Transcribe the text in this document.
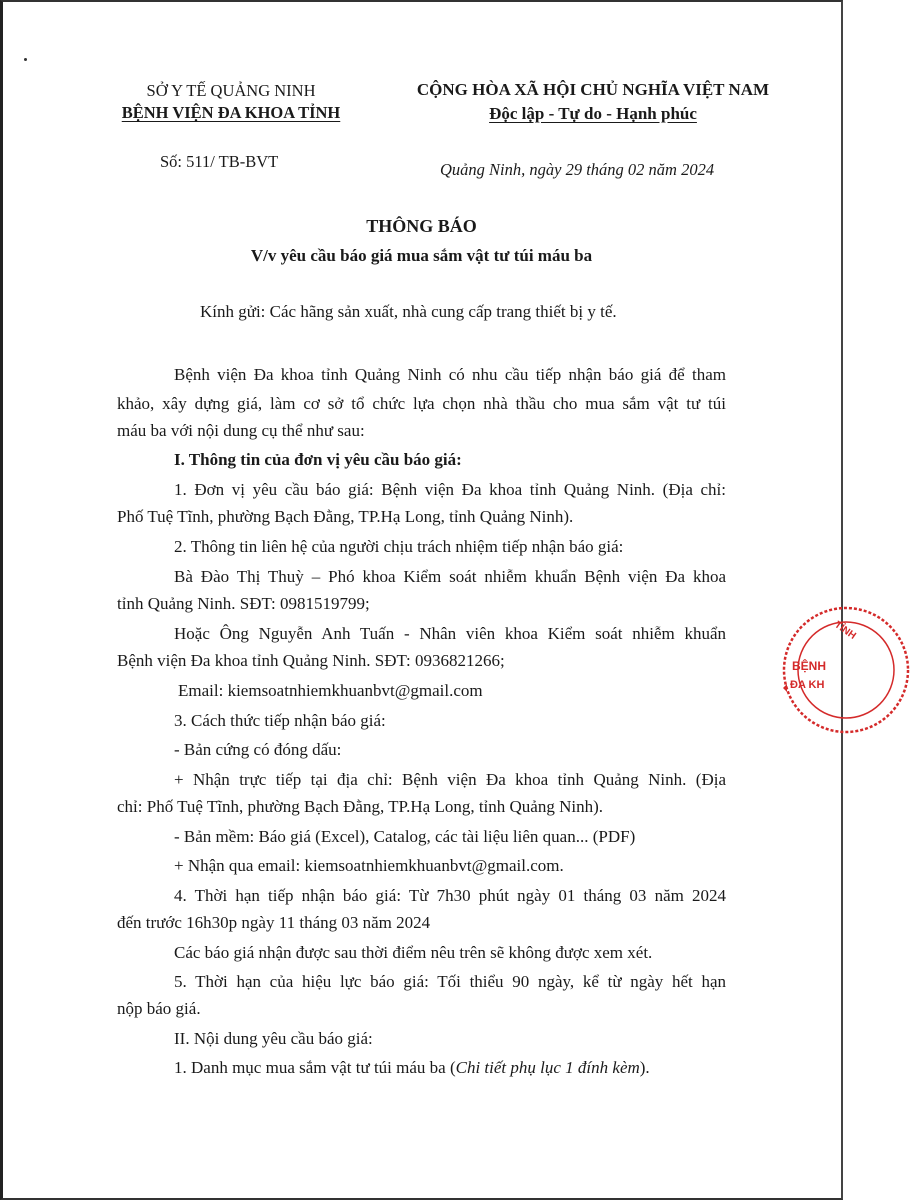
SỞ Y TẾ QUẢNG NINH
BỆNH VIỆN ĐA KHOA TỈNH
CỘNG HÒA XÃ HỘI CHỦ NGHĨA VIỆT NAM
Độc lập - Tự do - Hạnh phúc
Số: 511/ TB-BVT	Quảng Ninh, ngày 29 tháng 02 năm 2024
THÔNG BÁO
V/v yêu cầu báo giá mua sắm vật tư túi máu ba
Kính gửi: Các hãng sản xuất, nhà cung cấp trang thiết bị y tế.
Bệnh viện Đa khoa tỉnh Quảng Ninh có nhu cầu tiếp nhận báo giá để tham
khảo, xây dựng giá, làm cơ sở tổ chức lựa chọn nhà thầu cho mua sắm vật tư túi
máu ba với nội dung cụ thể như sau:
I. Thông tin của đơn vị yêu cầu báo giá:
1. Đơn vị yêu cầu báo giá: Bệnh viện Đa khoa tỉnh Quảng Ninh. (Địa chỉ:
Phố Tuệ Tĩnh, phường Bạch Đằng, TP.Hạ Long, tỉnh Quảng Ninh).
2. Thông tin liên hệ của người chịu trách nhiệm tiếp nhận báo giá:
Bà Đào Thị Thuỳ – Phó khoa Kiểm soát nhiễm khuẩn Bệnh viện Đa khoa
tỉnh Quảng Ninh. SĐT: 0981519799;
Hoặc Ông Nguyễn Anh Tuấn - Nhân viên khoa Kiểm soát nhiễm khuẩn
Bệnh viện Đa khoa tỉnh Quảng Ninh. SĐT: 0936821266;
Email: kiemsoatnhiemkhuanbvt@gmail.com
3. Cách thức tiếp nhận báo giá:
- Bản cứng có đóng dấu:
+ Nhận trực tiếp tại địa chỉ: Bệnh viện Đa khoa tỉnh Quảng Ninh. (Địa
chỉ: Phố Tuệ Tĩnh, phường Bạch Đằng, TP.Hạ Long, tỉnh Quảng Ninh).
- Bản mềm: Báo giá (Excel), Catalog, các tài liệu liên quan... (PDF)
+ Nhận qua email: kiemsoatnhiemkhuanbvt@gmail.com.
4. Thời hạn tiếp nhận báo giá: Từ 7h30 phút ngày 01 tháng 03 năm 2024
đến trước 16h30p ngày 11 tháng 03 năm 2024
Các báo giá nhận được sau thời điểm nêu trên sẽ không được xem xét.
5. Thời hạn của hiệu lực báo giá: Tối thiểu 90 ngày, kể từ ngày hết hạn
nộp báo giá.
II. Nội dung yêu cầu báo giá:
1. Danh mục mua sắm vật tư túi máu ba (Chi tiết phụ lục 1 đính kèm).
TỈNH
BỆNH
ĐA KH
